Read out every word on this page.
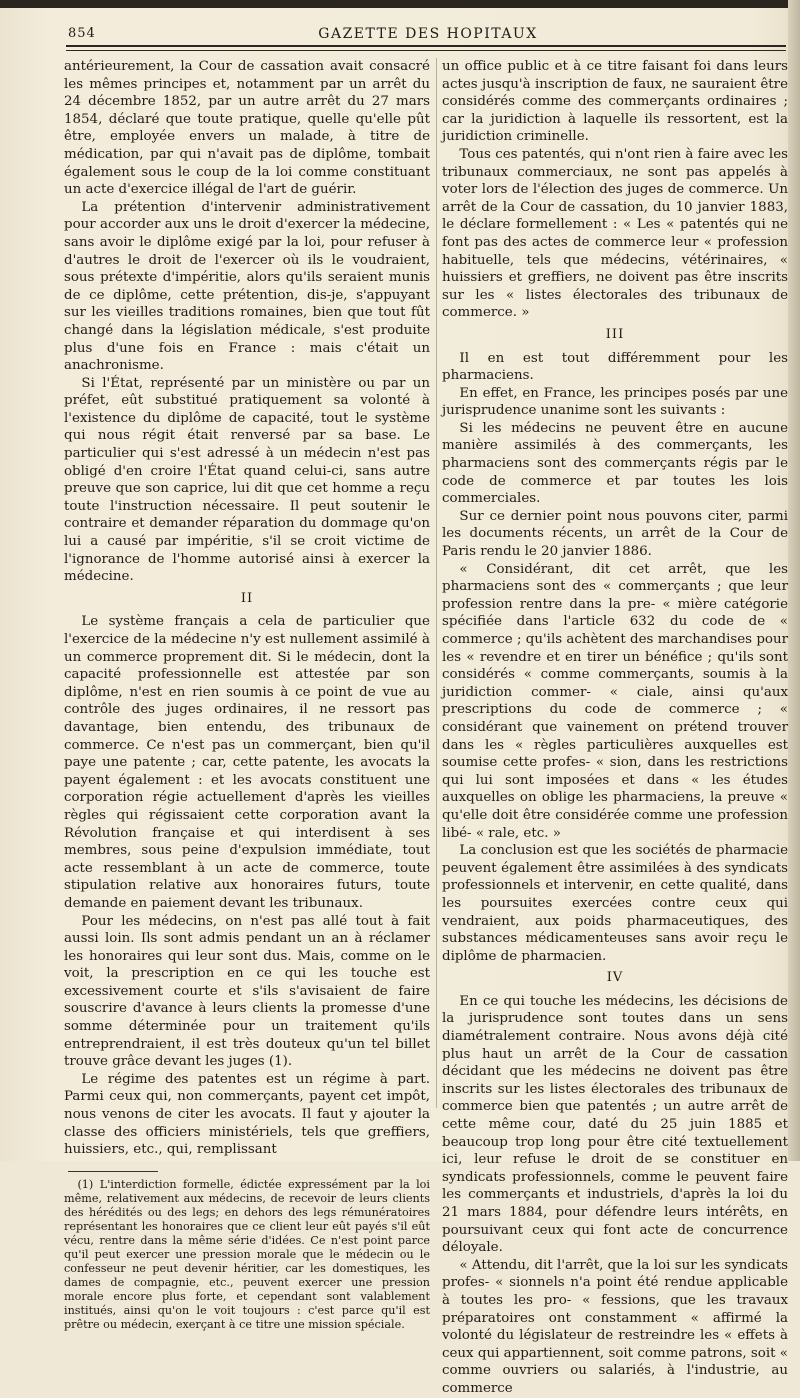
854	GAZETTE DES HOPITAUX

antérieurement, la Cour de cassation avait consacré les mêmes principes et, notamment par un arrêt du 24 décembre 1852, par un autre arrêt du 27 mars 1854, déclaré que toute pratique, quelle qu'elle pût être, employée envers un malade, à titre de médication, par qui n'avait pas de diplôme, tombait également sous le coup de la loi comme constituant un acte d'exercice illégal de l'art de guérir.

La prétention d'intervenir administrativement pour accorder aux uns le droit d'exercer la médecine, sans avoir le diplôme exigé par la loi, pour refuser à d'autres le droit de l'exercer où ils le voudraient, sous prétexte d'impéritie, alors qu'ils seraient munis de ce diplôme, cette prétention, dis-je, s'appuyant sur les vieilles traditions romaines, bien que tout fût changé dans la législation médicale, s'est produite plus d'une fois en France : mais c'était un anachronisme.

Si l'État, représenté par un ministère ou par un préfet, eût substitué pratiquement sa volonté à l'existence du diplôme de capacité, tout le système qui nous régit était renversé par sa base. Le particulier qui s'est adressé à un médecin n'est pas obligé d'en croire l'État quand celui-ci, sans autre preuve que son caprice, lui dit que cet homme a reçu toute l'instruction nécessaire. Il peut soutenir le contraire et demander réparation du dommage qu'on lui a causé par impéritie, s'il se croit victime de l'ignorance de l'homme autorisé ainsi à exercer la médecine.

II

Le système français a cela de particulier que l'exercice de la médecine n'y est nullement assimilé à un commerce proprement dit. Si le médecin, dont la capacité professionnelle est attestée par son diplôme, n'est en rien soumis à ce point de vue au contrôle des juges ordinaires, il ne ressort pas davantage, bien entendu, des tribunaux de commerce. Ce n'est pas un commerçant, bien qu'il paye une patente ; car, cette patente, les avocats la payent également : et les avocats constituent une corporation régie actuellement d'après les vieilles règles qui régissaient cette corporation avant la Révolution française et qui interdisent à ses membres, sous peine d'expulsion immédiate, tout acte ressemblant à un acte de commerce, toute stipulation relative aux honoraires futurs, toute demande en paiement devant les tribunaux.

Pour les médecins, on n'est pas allé tout à fait aussi loin. Ils sont admis pendant un an à réclamer les honoraires qui leur sont dus. Mais, comme on le voit, la prescription en ce qui les touche est excessivement courte et s'ils s'avisaient de faire souscrire d'avance à leurs clients la promesse d'une somme déterminée pour un traitement qu'ils entreprendraient, il est très douteux qu'un tel billet trouve grâce devant les juges (1).

Le régime des patentes est un régime à part. Parmi ceux qui, non commerçants, payent cet impôt, nous venons de citer les avocats. Il faut y ajouter la classe des officiers ministériels, tels que greffiers, huissiers, etc., qui, remplissant

(1) L'interdiction formelle, édictée expressément par la loi même, relativement aux médecins, de recevoir de leurs clients des hérédités ou des legs; en dehors des legs rémunératoires représentant les honoraires que ce client leur eût payés s'il eût vécu, rentre dans la même série d'idées. Ce n'est point parce qu'il peut exercer une pression morale que le médecin ou le confesseur ne peut devenir héritier, car les domestiques, les dames de compagnie, etc., peuvent exercer une pression morale encore plus forte, et cependant sont valablement institués, ainsi qu'on le voit toujours : c'est parce qu'il est prêtre ou médecin, exerçant à ce titre une mission spéciale.

un office public et à ce titre faisant foi dans leurs actes jusqu'à inscription de faux, ne sauraient être considérés comme des commerçants ordinaires ; car la juridiction à laquelle ils ressortent, est la juridiction criminelle.

Tous ces patentés, qui n'ont rien à faire avec les tribunaux commerciaux, ne sont pas appelés à voter lors de l'élection des juges de commerce. Un arrêt de la Cour de cassation, du 10 janvier 1883, le déclare formellement : « Les « patentés qui ne font pas des actes de commerce leur « profession habituelle, tels que médecins, vétérinaires, « huissiers et greffiers, ne doivent pas être inscrits sur les « listes électorales des tribunaux de commerce. »

III

Il en est tout différemment pour les pharmaciens.

En effet, en France, les principes posés par une jurisprudence unanime sont les suivants :

Si les médecins ne peuvent être en aucune manière assimilés à des commerçants, les pharmaciens sont des commerçants régis par le code de commerce et par toutes les lois commerciales.

Sur ce dernier point nous pouvons citer, parmi les documents récents, un arrêt de la Cour de Paris rendu le 20 janvier 1886.

« Considérant, dit cet arrêt, que les pharmaciens sont des « commerçants ; que leur profession rentre dans la pre- « mière catégorie spécifiée dans l'article 632 du code de « commerce ; qu'ils achètent des marchandises pour les « revendre et en tirer un bénéfice ; qu'ils sont considérés « comme commerçants, soumis à la juridiction commer- « ciale, ainsi qu'aux prescriptions du code de commerce ; « considérant que vainement on prétend trouver dans les « règles particulières auxquelles est soumise cette profes- « sion, dans les restrictions qui lui sont imposées et dans « les études auxquelles on oblige les pharmaciens, la preuve « qu'elle doit être considérée comme une profession libé- « rale, etc. »

La conclusion est que les sociétés de pharmacie peuvent également être assimilées à des syndicats professionnels et intervenir, en cette qualité, dans les poursuites exercées contre ceux qui vendraient, aux poids pharmaceutiques, des substances médicamenteuses sans avoir reçu le diplôme de pharmacien.

IV

En ce qui touche les médecins, les décisions de la jurisprudence sont toutes dans un sens diamétralement contraire. Nous avons déjà cité plus haut un arrêt de la Cour de cassation décidant que les médecins ne doivent pas être inscrits sur les listes électorales des tribunaux de commerce bien que patentés ; un autre arrêt de cette même cour, daté du 25 juin 1885 et beaucoup trop long pour être cité textuellement ici, leur refuse le droit de se constituer en syndicats professionnels, comme le peuvent faire les commerçants et industriels, d'après la loi du 21 mars 1884, pour défendre leurs intérêts, en poursuivant ceux qui font acte de concurrence déloyale.

« Attendu, dit l'arrêt, que la loi sur les syndicats profes- « sionnels n'a point été rendue applicable à toutes les pro- « fessions, que les travaux préparatoires ont constamment « affirmé la volonté du législateur de restreindre les « effets à ceux qui appartiennent, soit comme patrons, soit « comme ouvriers ou salariés, à l'industrie, au commerce
